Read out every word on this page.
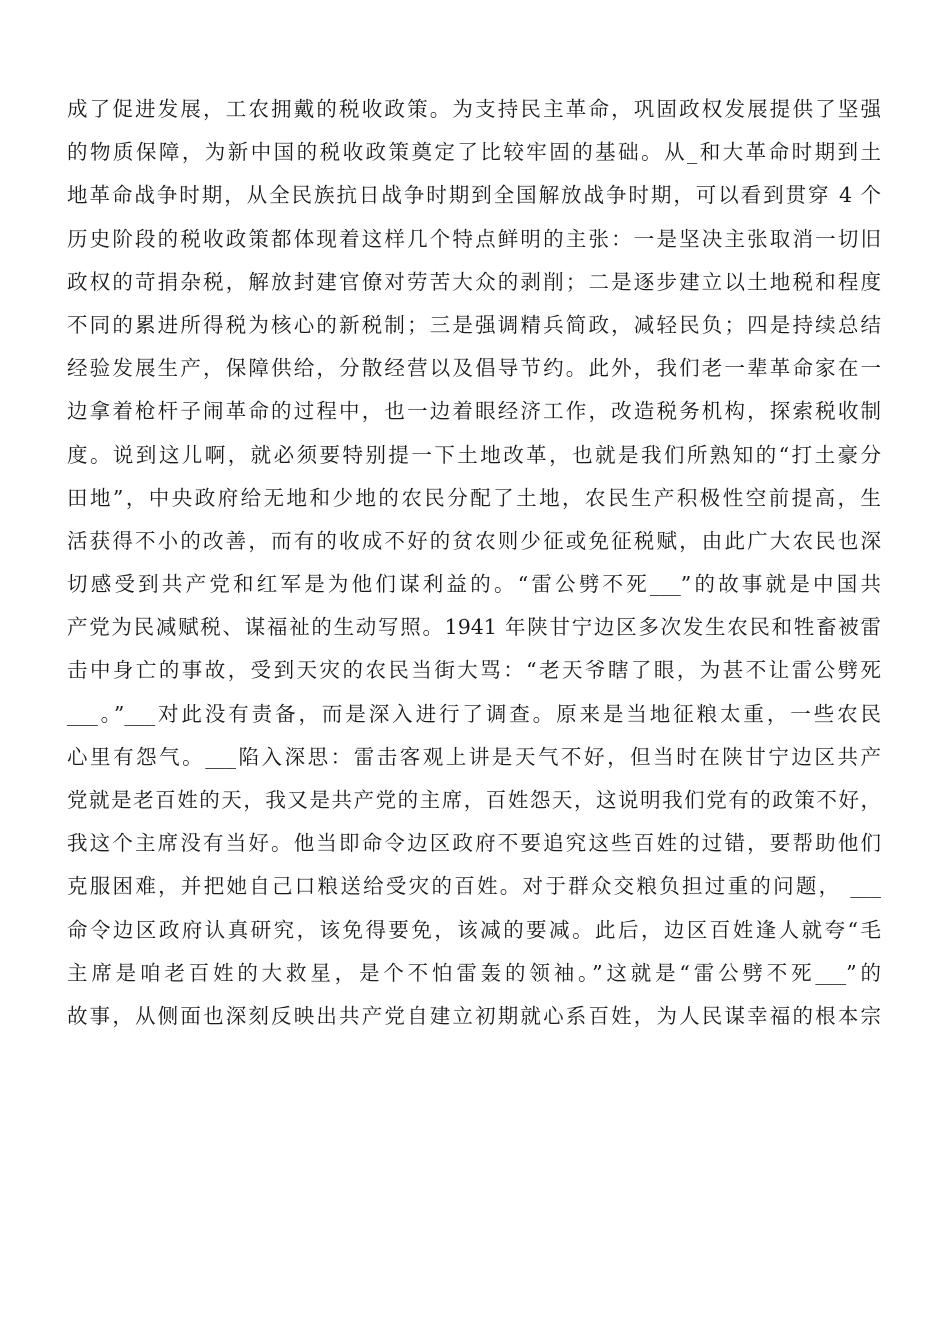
成了促进发展，工农拥戴的税收政策。为支持民主革命，巩固政权发展提供了坚强
的物质保障，为新中国的税收政策奠定了比较牢固的基础。从_和大革命时期到土
地革命战争时期，从全民族抗日战争时期到全国解放战争时期，可以看到贯穿 4 个
历史阶段的税收政策都体现着这样几个特点鲜明的主张：一是坚决主张取消一切旧
政权的苛捐杂税，解放封建官僚对劳苦大众的剥削；二是逐步建立以土地税和程度
不同的累进所得税为核心的新税制；三是强调精兵简政，减轻民负；四是持续总结
经验发展生产，保障供给，分散经营以及倡导节约。此外，我们老一辈革命家在一
边拿着枪杆子闹革命的过程中，也一边着眼经济工作，改造税务机构，探索税收制
度。说到这儿啊，就必须要特别提一下土地改革，也就是我们所熟知的“打土豪分
田地”，中央政府给无地和少地的农民分配了土地，农民生产积极性空前提高，生
活获得不小的改善，而有的收成不好的贫农则少征或免征税赋，由此广大农民也深
切感受到共产党和红军是为他们谋利益的。“雷公劈不死___”的故事就是中国共
产党为民减赋税、谋福祉的生动写照。1941 年陕甘宁边区多次发生农民和牲畜被雷
击中身亡的事故，受到天灾的农民当街大骂：“老天爷瞎了眼，为甚不让雷公劈死
___。”___对此没有责备，而是深入进行了调查。原来是当地征粮太重，一些农民
心里有怨气。___陷入深思：雷击客观上讲是天气不好，但当时在陕甘宁边区共产
党就是老百姓的天，我又是共产党的主席，百姓怨天，这说明我们党有的政策不好，
我这个主席没有当好。他当即命令边区政府不要追究这些百姓的过错，要帮助他们
克服困难，并把她自己口粮送给受灾的百姓。对于群众交粮负担过重的问题， ___
命令边区政府认真研究，该免得要免，该减的要减。此后，边区百姓逢人就夸“毛
主席是咱老百姓的大救星，是个不怕雷轰的领袖。”这就是“雷公劈不死___”的
故事，从侧面也深刻反映出共产党自建立初期就心系百姓，为人民谋幸福的根本宗
